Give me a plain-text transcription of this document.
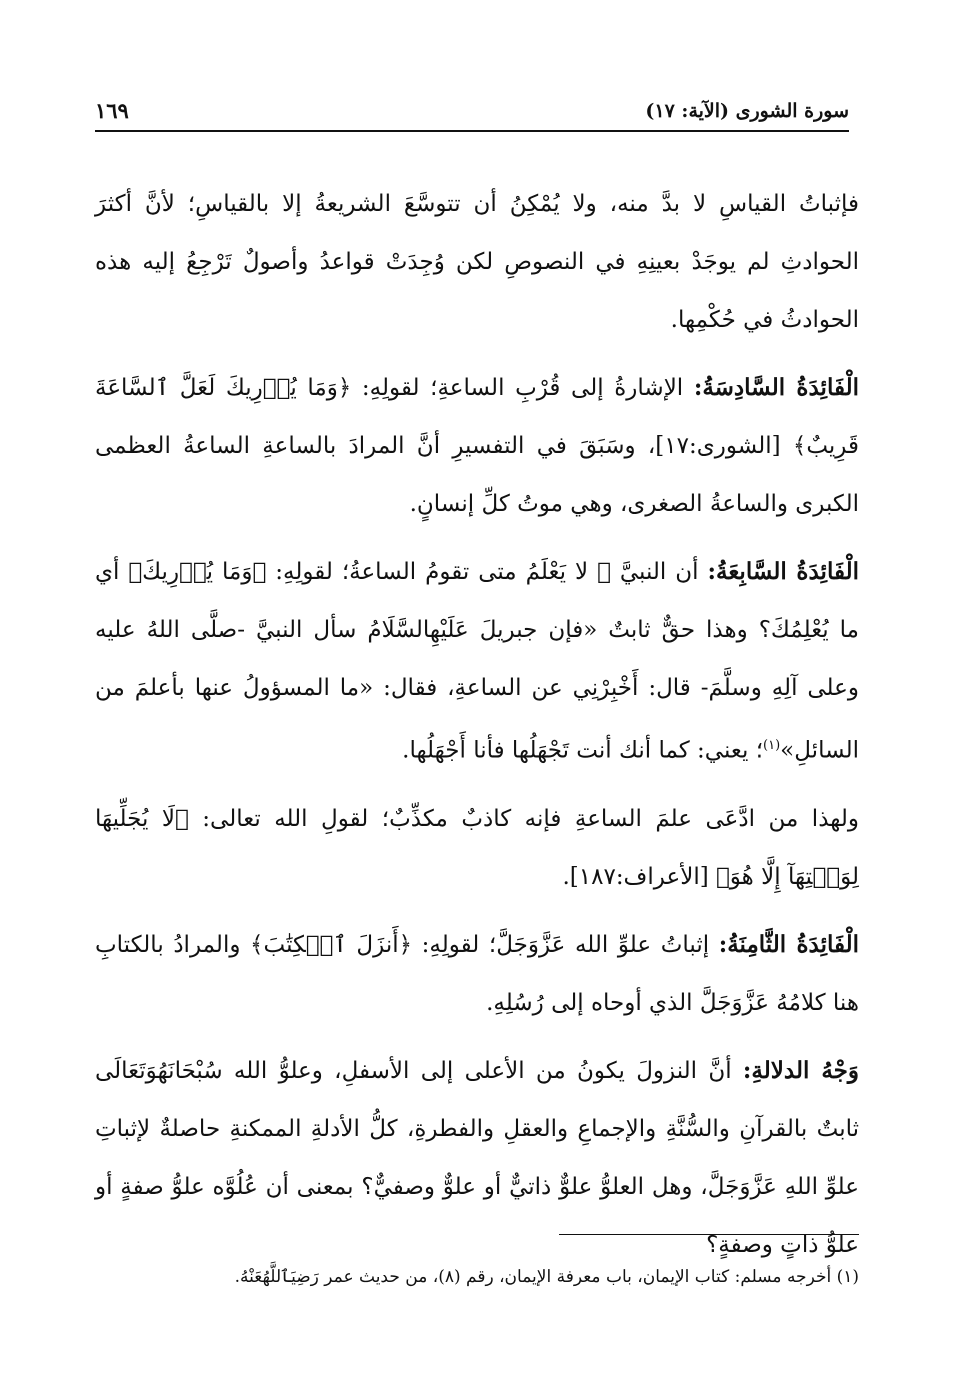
سورة الشورى (الآية: ١٧)
١٦٩

فإثباتُ القياسِ لا بدَّ منه، ولا يُمْكِنُ أن تتوسَّعَ الشريعةُ إلا بالقياسِ؛ لأنَّ أكثرَ الحوادثِ لم يوجَدْ بعينِهِ في النصوصِ لكن وُجِدَتْ قواعدُ وأصولٌ تَرْجِعُ إليه هذه الحوادثُ في حُكْمِها.

الْفَائِدَةُ السَّادِسَةُ: الإشارةُ إلى قُرْبِ الساعةِ؛ لقولِهِ: ﴿وَمَا يُدۡرِيكَ لَعَلَّ ٱلسَّاعَةَ قَرِيبٌ﴾ [الشورى:١٧]، وسَبَقَ في التفسيرِ أنَّ المرادَ بالساعةِ الساعةُ العظمى الكبرى والساعةُ الصغرى، وهي موتُ كلِّ إنسانٍ.

الْفَائِدَةُ السَّابِعَةُ: أن النبيَّ ﷺ لا يَعْلَمُ متى تقومُ الساعةُ؛ لقولِهِ: ﴿وَمَا يُدۡرِيكَ﴾ أي ما يُعْلِمُكَ؟ وهذا حقٌّ ثابتٌ «فإن جبريلَ عَلَيْهِالسَّلَامُ سأل النبيَّ -صلَّى اللهُ عليه وعلى آلِهِ وسلَّمَ- قال: أَخْبِرْنِي عن الساعةِ، فقال: «ما المسؤولُ عنها بأعلمَ من السائلِ»$^{(١)}$؛ يعني: كما أنك أنت تَجْهَلُها فأنا أَجْهَلُها.

ولهذا من ادَّعَى علمَ الساعةِ فإنه كاذبٌ مكذِّبٌ؛ لقولِ الله تعالى: ﴿لَا يُجَلِّيهَا لِوَقۡتِهَآ إِلَّا هُوَ﴾ [الأعراف:١٨٧].

الْفَائِدَةُ الثَّامِنَةُ: إثباتُ علوِّ الله عَزَّوَجَلَّ؛ لقولِهِ: ﴿أَنزَلَ ٱلۡكِتَٰبَ﴾ والمرادُ بالكتابِ هنا كلامُهُ عَزَّوَجَلَّ الذي أوحاه إلى رُسُلِهِ.

وَجْهُ الدلالةِ: أنَّ النزولَ يكونُ من الأعلى إلى الأسفلِ، وعلوُّ الله سُبْحَانَهُوَتَعَالَى ثابتٌ بالقرآنِ والسُّنَّةِ والإجماعِ والعقلِ والفطرةِ، كلُّ الأدلةِ الممكنةِ حاصلةٌ لإثباتِ علوِّ اللهِ عَزَّوَجَلَّ، وهل العلوُّ علوٌّ ذاتيٌّ أو علوٌّ وصفيٌّ؟ بمعنى أن عُلُوَّه علوُّ صفةٍ أو علوُّ ذاتٍ وصفةٍ؟

(١) أخرجه مسلم: كتاب الإيمان، باب معرفة الإيمان، رقم (٨)، من حديث عمر رَضِيَٱللَّهُعَنْهُ.
